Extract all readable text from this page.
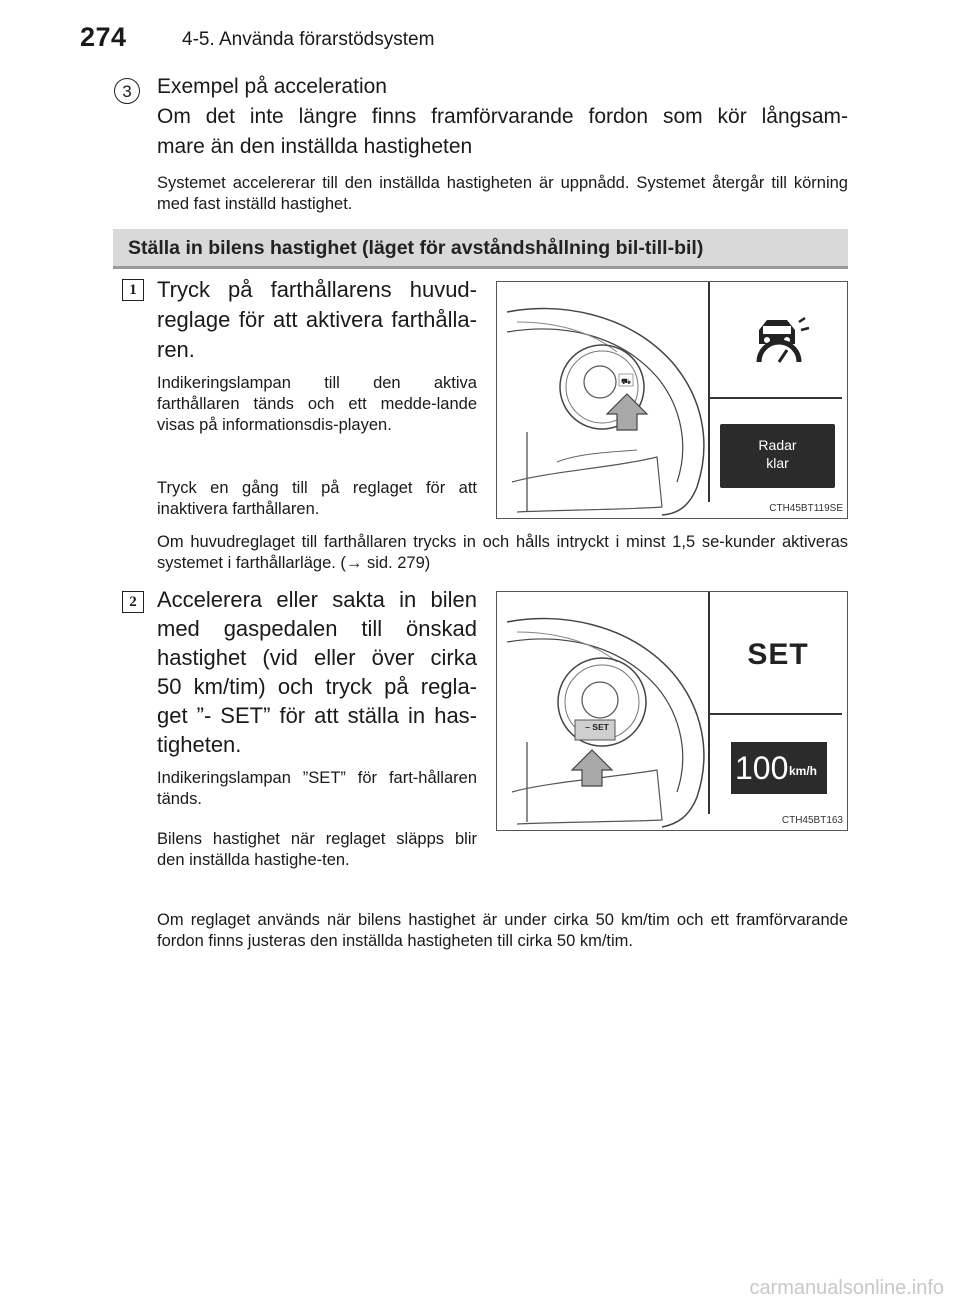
274	4-5. Använda förarstödsystem
3	Exempel på acceleration
Om det inte längre finns framförvarande fordon som kör långsam-
mare än den inställda hastigheten
Systemet accelererar till den inställda hastigheten är uppnådd. Systemet återgår till körning med fast inställd hastighet.
Ställa in bilens hastighet (läget för avståndshållning bil-till-bil)
1 Tryck på farthållarens huvud-
reglage för att aktivera farthålla-
ren.
Indikeringslampan till den aktiva farthållaren tänds och ett medde-lande visas på informationsdis-playen.
Tryck en gång till på reglaget för att inaktivera farthållaren.
⛟
Radar
klar
CTH45BT119SE
Om huvudreglaget till farthållaren trycks in och hålls intryckt i minst 1,5 se-kunder aktiveras systemet i farthållarläge. (→ sid. 279)
2 Accelerera eller sakta in bilen
med gaspedalen till önskad
hastighet (vid eller över cirka
50 km/tim) och tryck på regla-
get ”- SET” för att ställa in has-
tigheten.
Indikeringslampan ”SET” för fart-hållaren tänds.
Bilens hastighet när reglaget släpps blir den inställda hastighe-ten.
– SET
SET
100 km/h
CTH45BT163
Om reglaget används när bilens hastighet är under cirka 50 km/tim och ett framförvarande fordon finns justeras den inställda hastigheten till cirka 50 km/tim.
carmanualsonline.info
